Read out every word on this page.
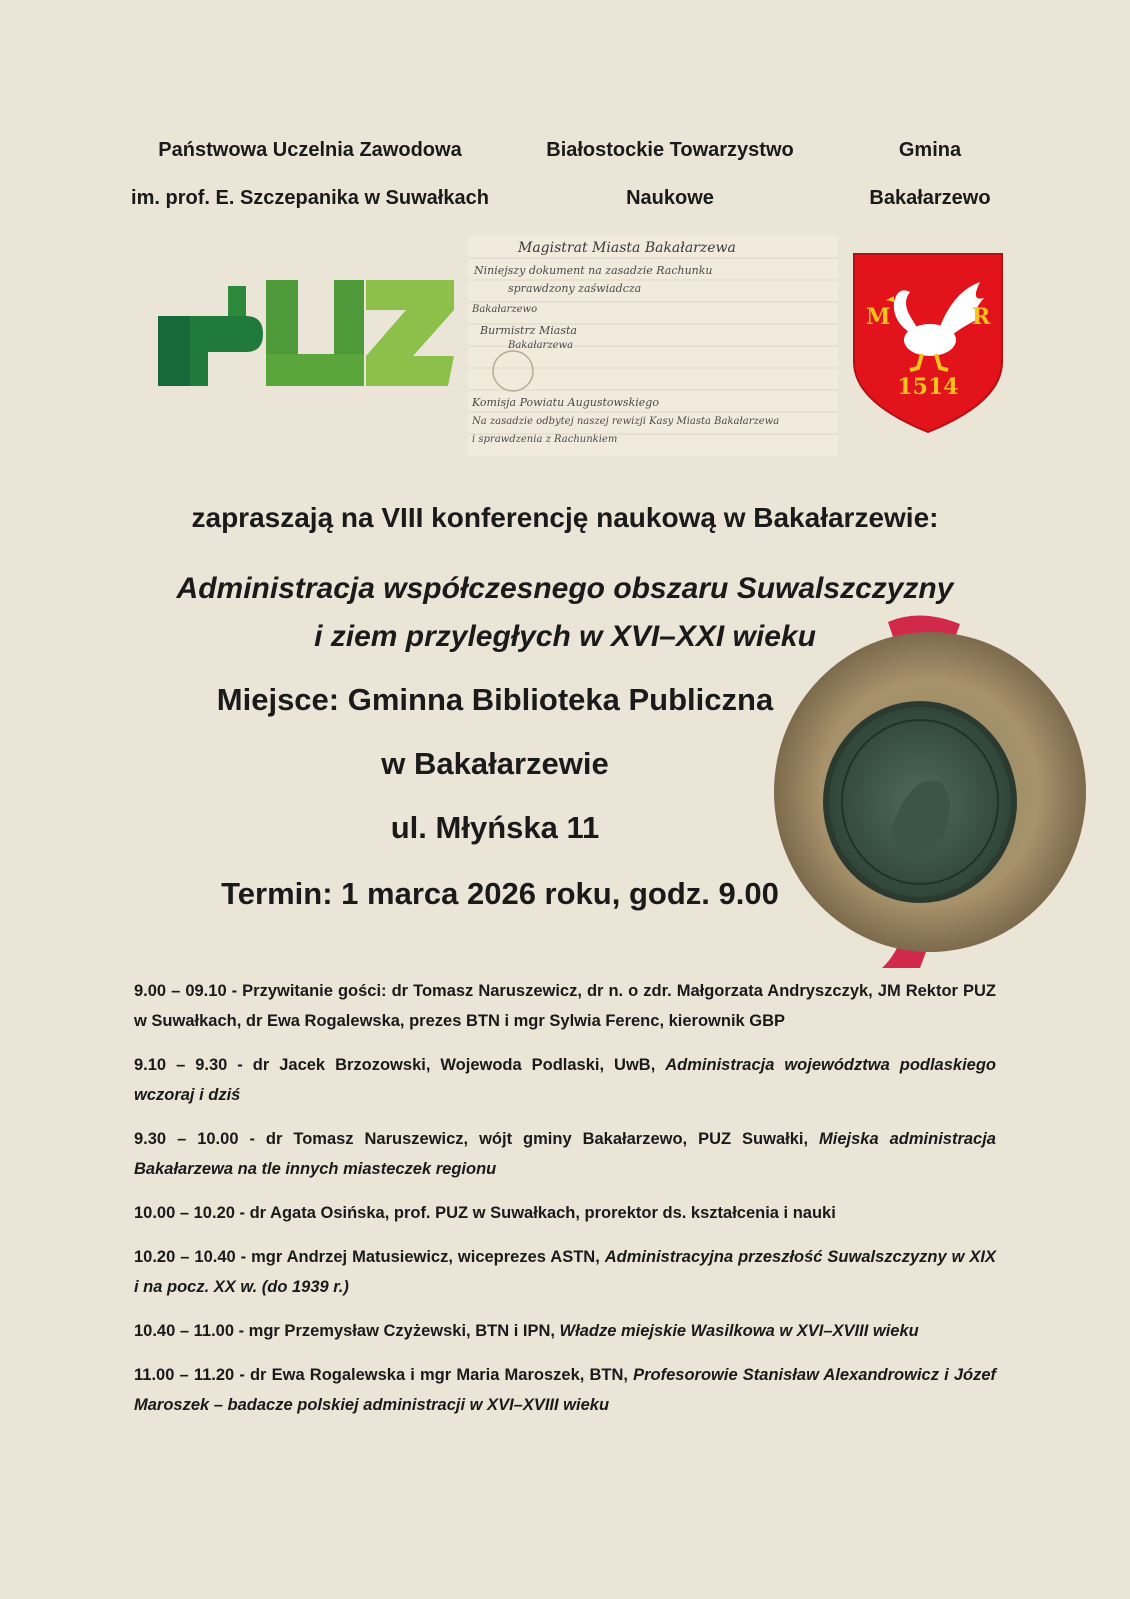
Państwowa Uczelnia Zawodowa
im. prof. E. Szczepanika w Suwałkach
Białostockie Towarzystwo
Naukowe
Gmina
Bakałarzewo
Magistrat Miasta Bakałarzewa
Niniejszy dokument na zasadzie Rachunku
sprawdzony zaświadcza
Bakałarzewo
Burmistrz Miasta
Bakałarzewa
Komisja Powiatu Augustowskiego
Na zasadzie odbytej naszej rewizji Kasy Miasta Bakałarzewa
i sprawdzenia z Rachunkiem
M	R
1514
zapraszają na VIII konferencję naukową w Bakałarzewie:
Administracja współczesnego obszaru Suwalszczyzny
i ziem przyległych w XVI–XXI wieku
Miejsce: Gminna Biblioteka Publiczna
w Bakałarzewie
ul. Młyńska 11
Termin: 1 marca 2026 roku, godz. 9.00

9.00 – 09.10 - Przywitanie gości: dr Tomasz Naruszewicz, dr n. o zdr. Małgorzata Andryszczyk, JM Rektor PUZ w Suwałkach, dr Ewa Rogalewska, prezes BTN i mgr Sylwia Ferenc, kierownik GBP

9.10 – 9.30 - dr Jacek Brzozowski, Wojewoda Podlaski, UwB, Administracja województwa podlaskiego wczoraj i dziś

9.30 – 10.00 - dr Tomasz Naruszewicz, wójt gminy Bakałarzewo, PUZ Suwałki, Miejska administracja Bakałarzewa na tle innych miasteczek regionu

10.00 – 10.20 - dr Agata Osińska, prof. PUZ w Suwałkach, prorektor ds. kształcenia i nauki

10.20 – 10.40 - mgr Andrzej Matusiewicz, wiceprezes ASTN, Administracyjna przeszłość Suwalszczyzny w XIX i na pocz. XX w. (do 1939 r.)

10.40 – 11.00 - mgr Przemysław Czyżewski, BTN i IPN, Władze miejskie Wasilkowa w XVI–XVIII wieku

11.00 – 11.20 - dr Ewa Rogalewska i mgr Maria Maroszek, BTN, Profesorowie Stanisław Alexandrowicz i Józef Maroszek – badacze polskiej administracji w XVI–XVIII wieku
